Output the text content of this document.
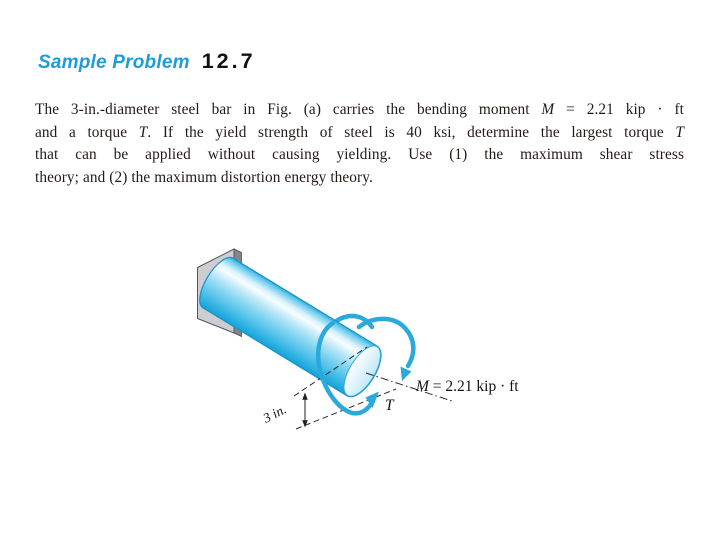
Sample Problem 12.7
The 3-in.-diameter steel bar in Fig. (a) carries the bending moment M = 2.21 kip · ft
and a torque T. If the yield strength of steel is 40 ksi, determine the largest torque T
that can be applied without causing yielding. Use (1) the maximum shear stress
theory; and (2) the maximum distortion energy theory.
3 in.	T
M = 2.21 kip · ft
